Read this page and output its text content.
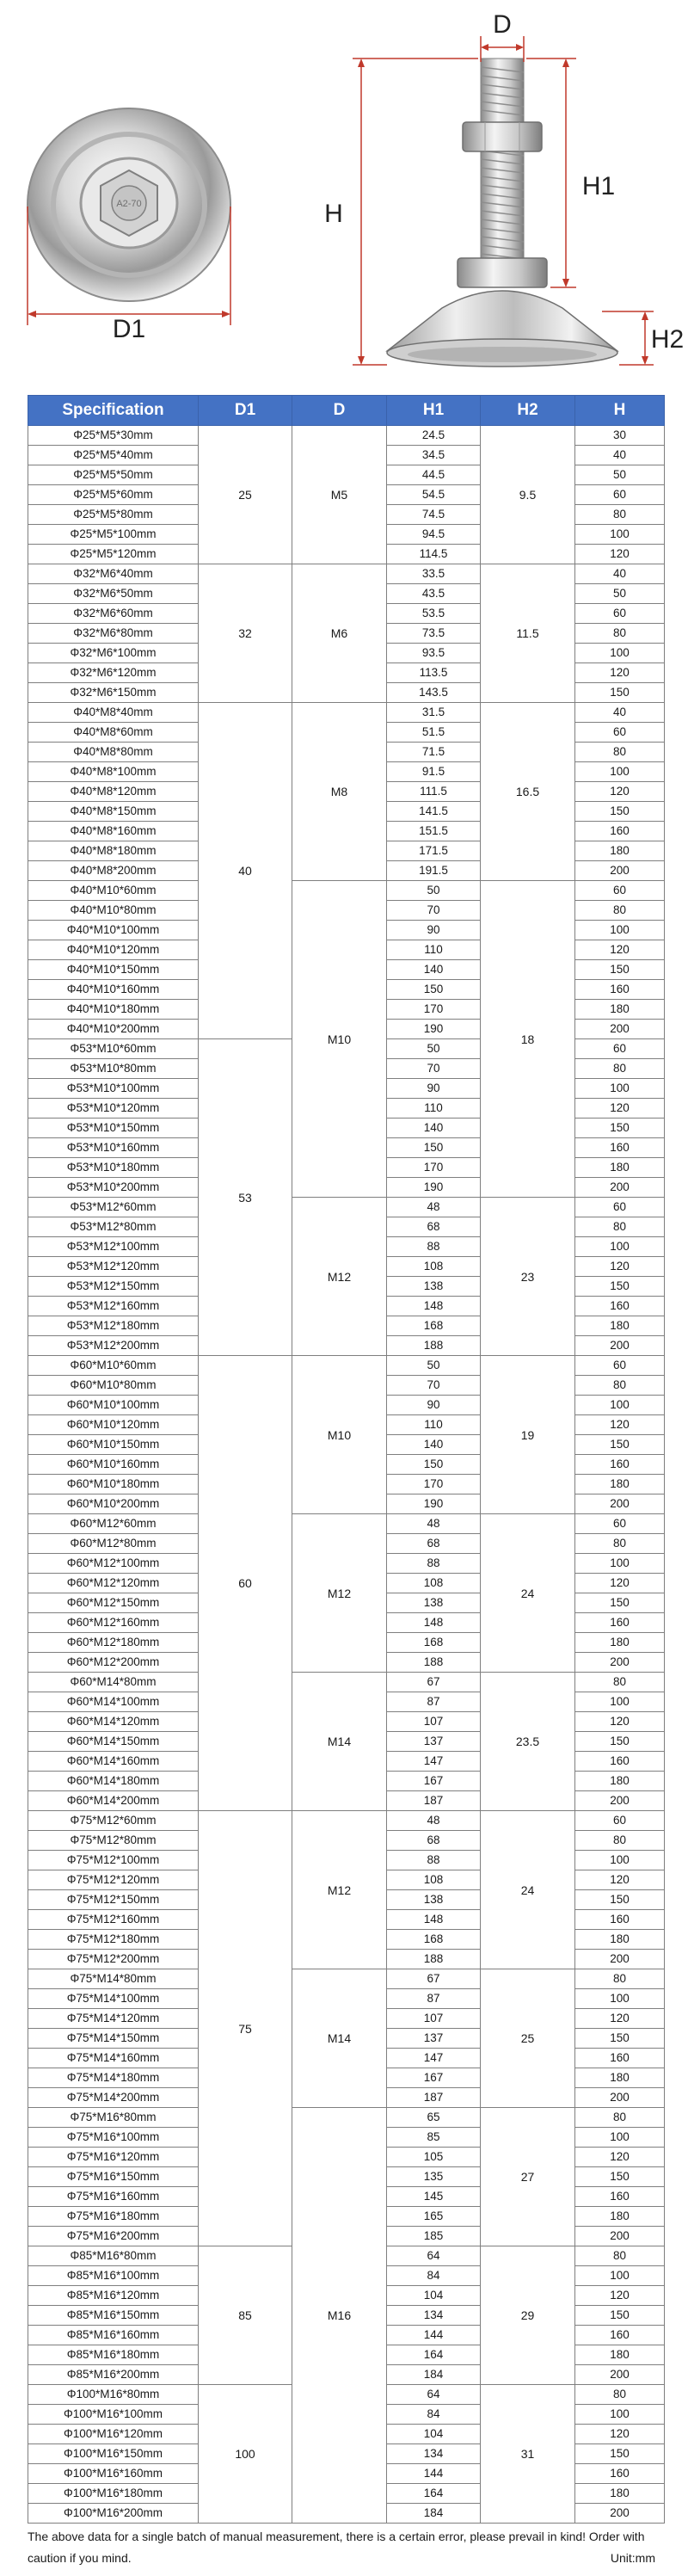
A2-70
D1
D
H
H1
H2
Specification	D1	D	H1	H2	H
Φ25*M5*30mm	25	M5	24.5	9.5	30
Φ25*M5*40mm			34.5		40
Φ25*M5*50mm			44.5		50
Φ25*M5*60mm			54.5		60
Φ25*M5*80mm			74.5		80
Φ25*M5*100mm			94.5		100
Φ25*M5*120mm			114.5		120
Φ32*M6*40mm	32	M6	33.5	11.5	40
Φ32*M6*50mm			43.5		50
Φ32*M6*60mm			53.5		60
Φ32*M6*80mm			73.5		80
Φ32*M6*100mm			93.5		100
Φ32*M6*120mm			113.5		120
Φ32*M6*150mm			143.5		150
Φ40*M8*40mm	40	M8	31.5	16.5	40
Φ40*M8*60mm			51.5		60
Φ40*M8*80mm			71.5		80
Φ40*M8*100mm			91.5		100
Φ40*M8*120mm			111.5		120
Φ40*M8*150mm			141.5		150
Φ40*M8*160mm			151.5		160
Φ40*M8*180mm			171.5		180
Φ40*M8*200mm			191.5		200
Φ40*M10*60mm		M10	50	18	60
Φ40*M10*80mm			70		80
Φ40*M10*100mm			90		100
Φ40*M10*120mm			110		120
Φ40*M10*150mm			140		150
Φ40*M10*160mm			150		160
Φ40*M10*180mm			170		180
Φ40*M10*200mm			190		200
Φ53*M10*60mm	53		50		60
Φ53*M10*80mm			70		80
Φ53*M10*100mm			90		100
Φ53*M10*120mm			110		120
Φ53*M10*150mm			140		150
Φ53*M10*160mm			150		160
Φ53*M10*180mm			170		180
Φ53*M10*200mm			190		200
Φ53*M12*60mm		M12	48	23	60
Φ53*M12*80mm			68		80
Φ53*M12*100mm			88		100
Φ53*M12*120mm			108		120
Φ53*M12*150mm			138		150
Φ53*M12*160mm			148		160
Φ53*M12*180mm			168		180
Φ53*M12*200mm			188		200
Φ60*M10*60mm	60	M10	50	19	60
Φ60*M10*80mm			70		80
Φ60*M10*100mm			90		100
Φ60*M10*120mm			110		120
Φ60*M10*150mm			140		150
Φ60*M10*160mm			150		160
Φ60*M10*180mm			170		180
Φ60*M10*200mm			190		200
Φ60*M12*60mm		M12	48	24	60
Φ60*M12*80mm			68		80
Φ60*M12*100mm			88		100
Φ60*M12*120mm			108		120
Φ60*M12*150mm			138		150
Φ60*M12*160mm			148		160
Φ60*M12*180mm			168		180
Φ60*M12*200mm			188		200
Φ60*M14*80mm		M14	67	23.5	80
Φ60*M14*100mm			87		100
Φ60*M14*120mm			107		120
Φ60*M14*150mm			137		150
Φ60*M14*160mm			147		160
Φ60*M14*180mm			167		180
Φ60*M14*200mm			187		200
Φ75*M12*60mm	75	M12	48	24	60
Φ75*M12*80mm			68		80
Φ75*M12*100mm			88		100
Φ75*M12*120mm			108		120
Φ75*M12*150mm			138		150
Φ75*M12*160mm			148		160
Φ75*M12*180mm			168		180
Φ75*M12*200mm			188		200
Φ75*M14*80mm		M14	67	25	80
Φ75*M14*100mm			87		100
Φ75*M14*120mm			107		120
Φ75*M14*150mm			137		150
Φ75*M14*160mm			147		160
Φ75*M14*180mm			167		180
Φ75*M14*200mm			187		200
Φ75*M16*80mm		M16	65	27	80
Φ75*M16*100mm			85		100
Φ75*M16*120mm			105		120
Φ75*M16*150mm			135		150
Φ75*M16*160mm			145		160
Φ75*M16*180mm			165		180
Φ75*M16*200mm			185		200
Φ85*M16*80mm	85		64	29	80
Φ85*M16*100mm			84		100
Φ85*M16*120mm			104		120
Φ85*M16*150mm			134		150
Φ85*M16*160mm			144		160
Φ85*M16*180mm			164		180
Φ85*M16*200mm			184		200
Φ100*M16*80mm	100		64	31	80
Φ100*M16*100mm			84		100
Φ100*M16*120mm			104		120
Φ100*M16*150mm			134		150
Φ100*M16*160mm			144		160
Φ100*M16*180mm			164		180
Φ100*M16*200mm			184		200
The above data for a single batch of manual measurement, there is a certain error, please prevail in kind! Order with caution if you mind.	Unit:mm
